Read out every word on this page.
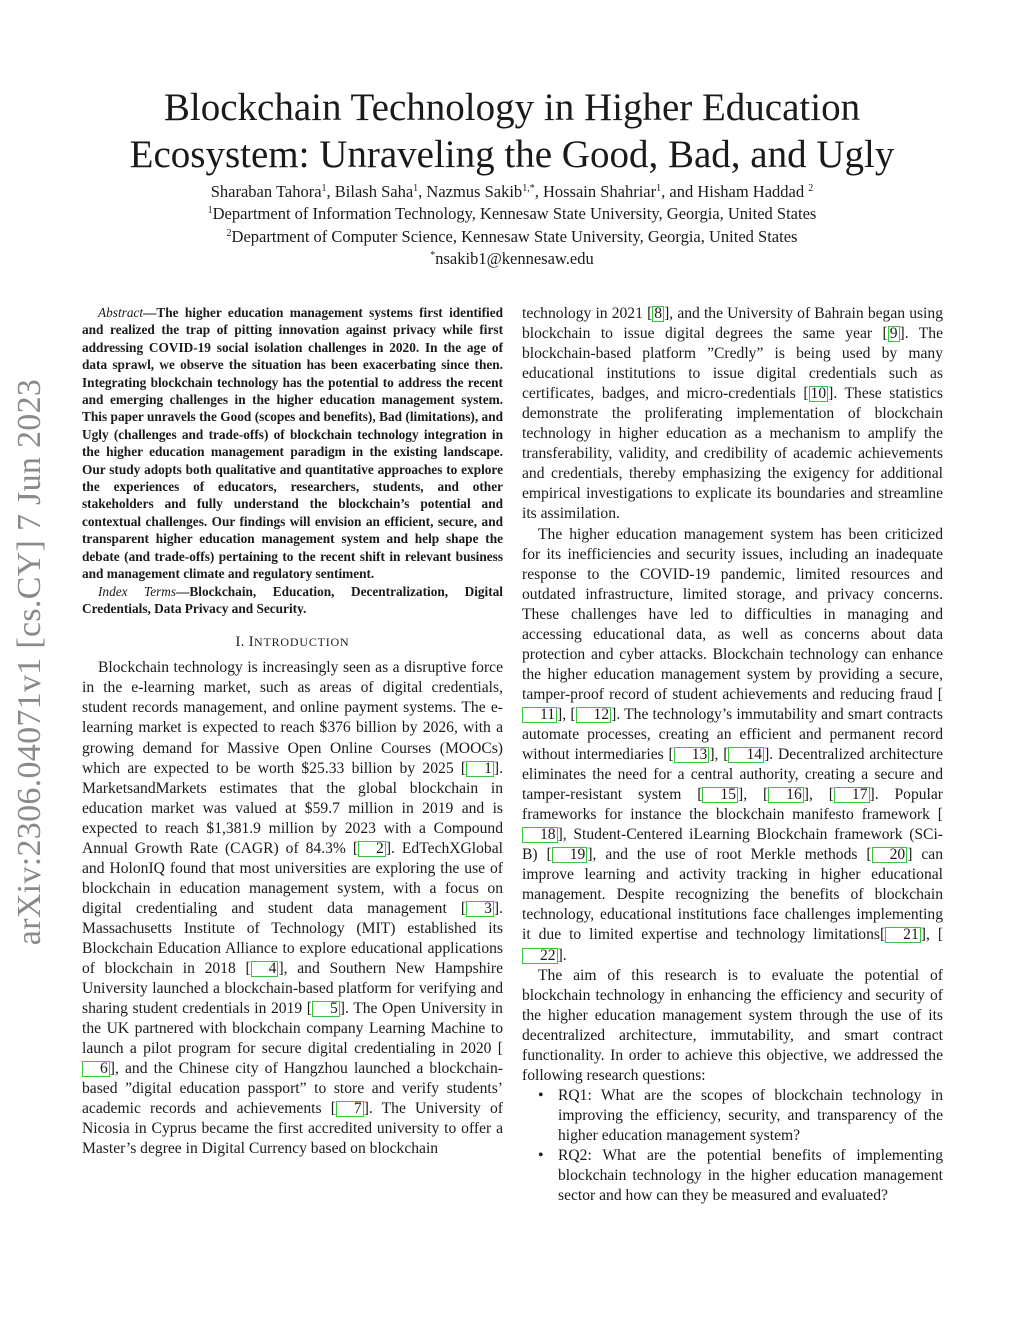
arXiv:2306.04071v1 [cs.CY] 7 Jun 2023
Blockchain Technology in Higher Education Ecosystem: Unraveling the Good, Bad, and Ugly

Sharaban Tahora$^1$, Bilash Saha$^1$, Nazmus Sakib$^{1,*}$, Hossain Shahriar$^1$, and Hisham Haddad $^2$

$^1$Department of Information Technology, Kennesaw State University, Georgia, United States

$^2$Department of Computer Science, Kennesaw State University, Georgia, United States

*nsakib1@kennesaw.edu

Abstract—The higher education management systems first identified and realized the trap of pitting innovation against privacy while first addressing COVID-19 social isolation challenges in 2020. In the age of data sprawl, we observe the situation has been exacerbating since then. Integrating blockchain technology has the potential to address the recent and emerging challenges in the higher education management system. This paper unravels the Good (scopes and benefits), Bad (limitations), and Ugly (challenges and trade-offs) of blockchain technology integration in the higher education management paradigm in the existing landscape. Our study adopts both qualitative and quantitative approaches to explore the experiences of educators, researchers, students, and other stakeholders and fully understand the blockchain’s potential and contextual challenges. Our findings will envision an efficient, secure, and transparent higher education management system and help shape the debate (and trade-offs) pertaining to the recent shift in relevant business and management climate and regulatory sentiment.

Index Terms—Blockchain, Education, Decentralization, Digital Credentials, Data Privacy and Security.

I. INTRODUCTION

Blockchain technology is increasingly seen as a disruptive force in the e-learning market, such as areas of digital credentials, student records management, and online payment systems. The e-learning market is expected to reach $376 billion by 2026, with a growing demand for Massive Open Online Courses (MOOCs) which are expected to be worth $25.33 billion by 2025 [ 1 ]. MarketsandMarkets estimates that the global blockchain in education market was valued at $59.7 million in 2019 and is expected to reach $1,381.9 million by 2023 with a Compound Annual Growth Rate (CAGR) of 84.3% [ 2 ]. EdTechXGlobal and HolonIQ found that most universities are exploring the use of blockchain in education management system, with a focus on digital credentialing and student data management [ 3 ]. Massachusetts Institute of Technology (MIT) established its Blockchain Education Alliance to explore educational applications of blockchain in 2018 [ 4 ], and Southern New Hampshire University launched a blockchain-based platform for verifying and sharing student credentials in 2019 [ 5 ]. The Open University in the UK partnered with blockchain company Learning Machine to launch a pilot program for secure digital credentialing in 2020 [6 ], and the Chinese city of Hangzhou launched a blockchain-based ”digital education passport” to store and verify students’ academic records and achievements [ 7 ]. The University of Nicosia in Cyprus became the first accredited university to offer a Master’s degree in Digital Currency based on blockchain

technology in 2021 [ 8 ], and the University of Bahrain began using blockchain to issue digital degrees the same year [ 9 ]. The blockchain-based platform ”Credly” is being used by many educational institutions to issue digital credentials such as certificates, badges, and micro-credentials [ 10 ]. These statistics demonstrate the proliferating implementation of blockchain technology in higher education as a mechanism to amplify the transferability, validity, and credibility of academic achievements and credentials, thereby emphasizing the exigency for additional empirical investigations to explicate its boundaries and streamline its assimilation.

The higher education management system has been criticized for its inefficiencies and security issues, including an inadequate response to the COVID-19 pandemic, limited resources and outdated infrastructure, limited storage, and privacy concerns. These challenges have led to difficulties in managing and accessing educational data, as well as concerns about data protection and cyber attacks. Blockchain technology can enhance the higher education management system by providing a secure, tamper-proof record of student achievements and reducing fraud [11 ], [ 12 ]. The technology’s immutability and smart contracts automate processes, creating an efficient and permanent record without intermediaries [ 13 ], [ 14 ]. Decentralized architecture eliminates the need for a central authority, creating a secure and tamper-resistant system [ 15 ], [ 16 ], [ 17 ]. Popular frameworks for instance the blockchain manifesto framework [18 ], Student-Centered iLearning Blockchain framework (SCi-B) [ 19 ], and the use of root Merkle methods [ 20 ] can improve learning and activity tracking in higher educational management. Despite recognizing the benefits of blockchain technology, educational institutions face challenges implementing it due to limited expertise and technology limitations[ 21 ], [22 ].

The aim of this research is to evaluate the potential of blockchain technology in enhancing the efficiency and security of the higher education management system through the use of its decentralized architecture, immutability, and smart contract functionality. In order to achieve this objective, we addressed the following research questions:

• RQ1: What are the scopes of blockchain technology in improving the efficiency, security, and transparency of the higher education management system?
• RQ2: What are the potential benefits of implementing blockchain technology in the higher education management sector and how can they be measured and evaluated?
